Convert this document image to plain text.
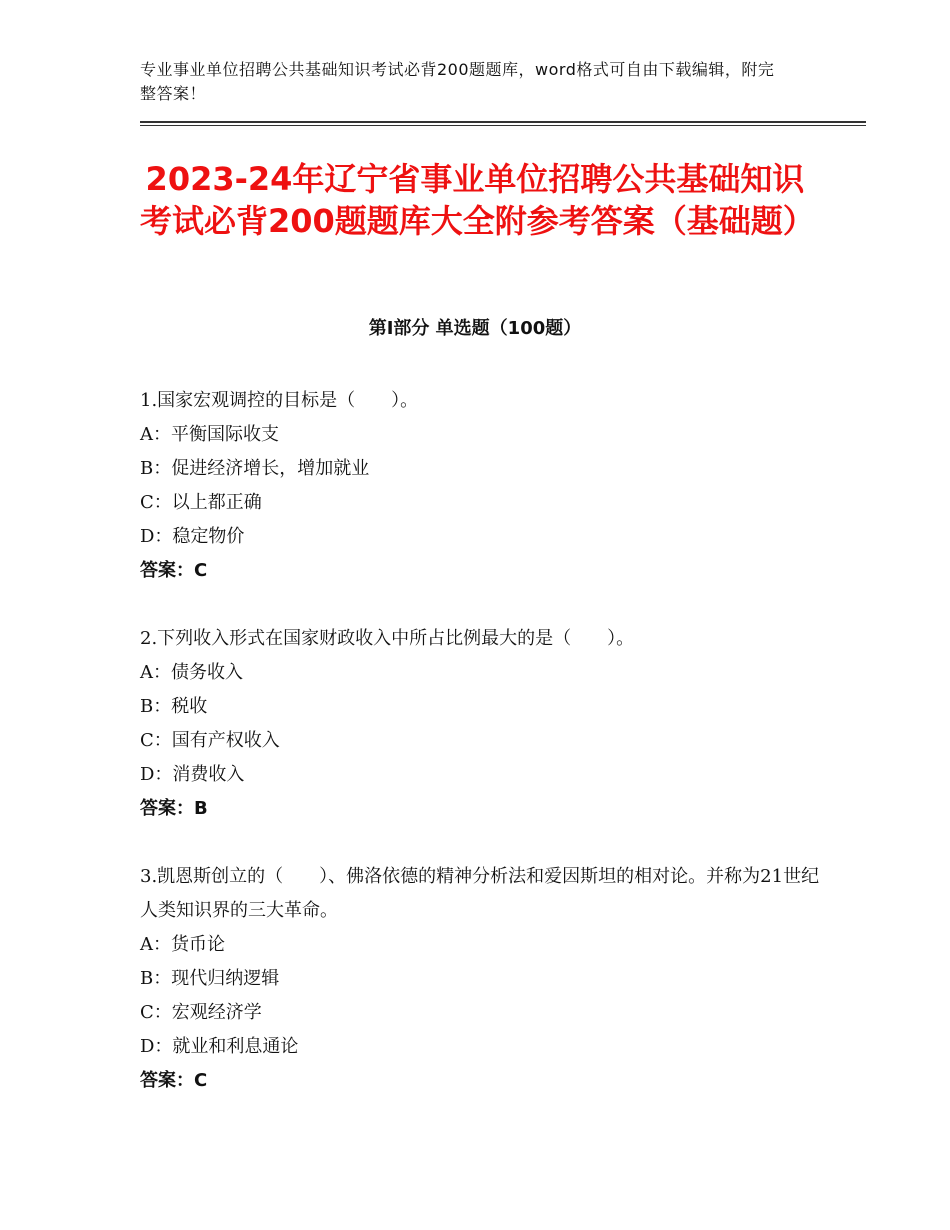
专业事业单位招聘公共基础知识考试必背200题题库，word格式可自由下载编辑，附完整答案！
2023-24年辽宁省事业单位招聘公共基础知识考试必背200题题库大全附参考答案（基础题）
第Ⅰ部分 单选题（100题）

1.国家宏观调控的目标是（　　）。

A：平衡国际收支

B：促进经济增长，增加就业

C：以上都正确

D：稳定物价

答案：C

2.下列收入形式在国家财政收入中所占比例最大的是（　　）。

A：债务收入

B：税收

C：国有产权收入

D：消费收入

答案：B

3.凯恩斯创立的（　　）、佛洛依德的精神分析法和爱因斯坦的相对论。并称为21世纪人类知识界的三大革命。

A：货币论

B：现代归纳逻辑

C：宏观经济学

D：就业和利息通论

答案：C
